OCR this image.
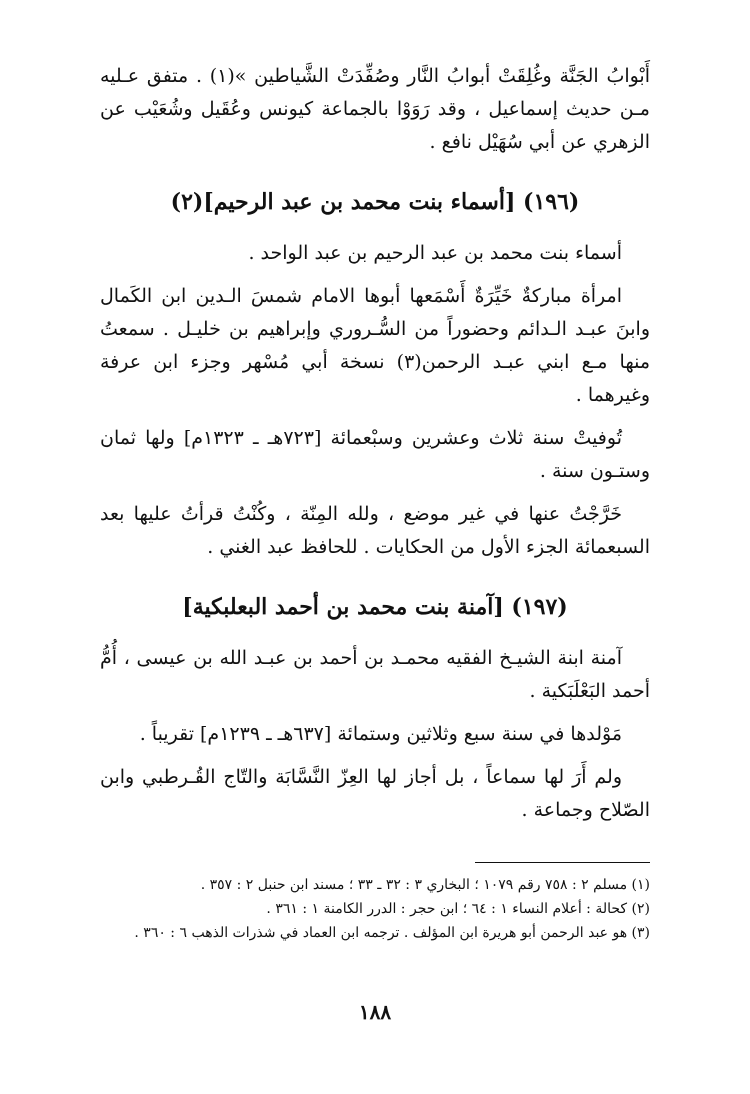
أَبْوابُ الجَنَّة وغُلِقَتْ أبوابُ النَّار وصُفِّدَتْ الشَّياطين »(١) . متفق عـليه مـن حديث إسماعيل ، وقد رَوَوْا بالجماعة كيونس وعُقَيل وشُعَيْب عن الزهري عن أبي سُهَيْل نافع .

(١٩٦) [أسماء بنت محمد بن عبد الرحيم](٢)

أسماء بنت محمد بن عبد الرحيم بن عبد الواحد .

امرأة مباركةٌ خَيِّرَةٌ أَسْمَعها أبوها الامام شمسَ الـدين ابن الكَمال وابنَ عبـد الـدائم وحضوراً من السُّـروري وإبراهيم بن خليـل . سمعتُ منها مـع ابني عبـد الرحمن(٣) نسخة أبي مُسْهر وجزء ابن عرفة وغيرهما .

تُوفيتْ سنة ثلاث وعشرين وسبْعمائة [٧٢٣هـ ـ ١٣٢٣م] ولها ثمان وستـون سنة .

خَرَّجْتُ عنها في غير موضع ، ولله المِنّة ، وكُنْتُ قرأتُ عليها بعد السبعمائة الجزء الأول من الحكايات . للحافظ عبد الغني .

(١٩٧) [آمنة بنت محمد بن أحمد البعلبكية]

آمنة ابنة الشيـخ الفقيه محمـد بن أحمد بن عبـد الله بن عيسى ، أُمُّ أحمد البَعْلَبَكية .

مَوْلدها في سنة سبع وثلاثين وستمائة [٦٣٧هـ ـ ١٢٣٩م] تقريباً .

ولم أَرَ لها سماعاً ، بل أجاز لها العِزّ النَّسَّابَة والتّاج القُـرطبي وابن الصّلاح وجماعة .

(١) مسلم ٢ : ٧٥٨ رقم ١٠٧٩ ؛ البخاري ٣ : ٣٢ ـ ٣٣ ؛ مسند ابن حنبل ٢ : ٣٥٧ .

(٢) كحالة : أعلام النساء ١ : ٦٤ ؛ ابن حجر : الدرر الكامنة ١ : ٣٦١ .

(٣) هو عبد الرحمن أبو هريرة ابن المؤلف . ترجمه ابن العماد في شذرات الذهب ٦ : ٣٦٠ .

١٨٨
